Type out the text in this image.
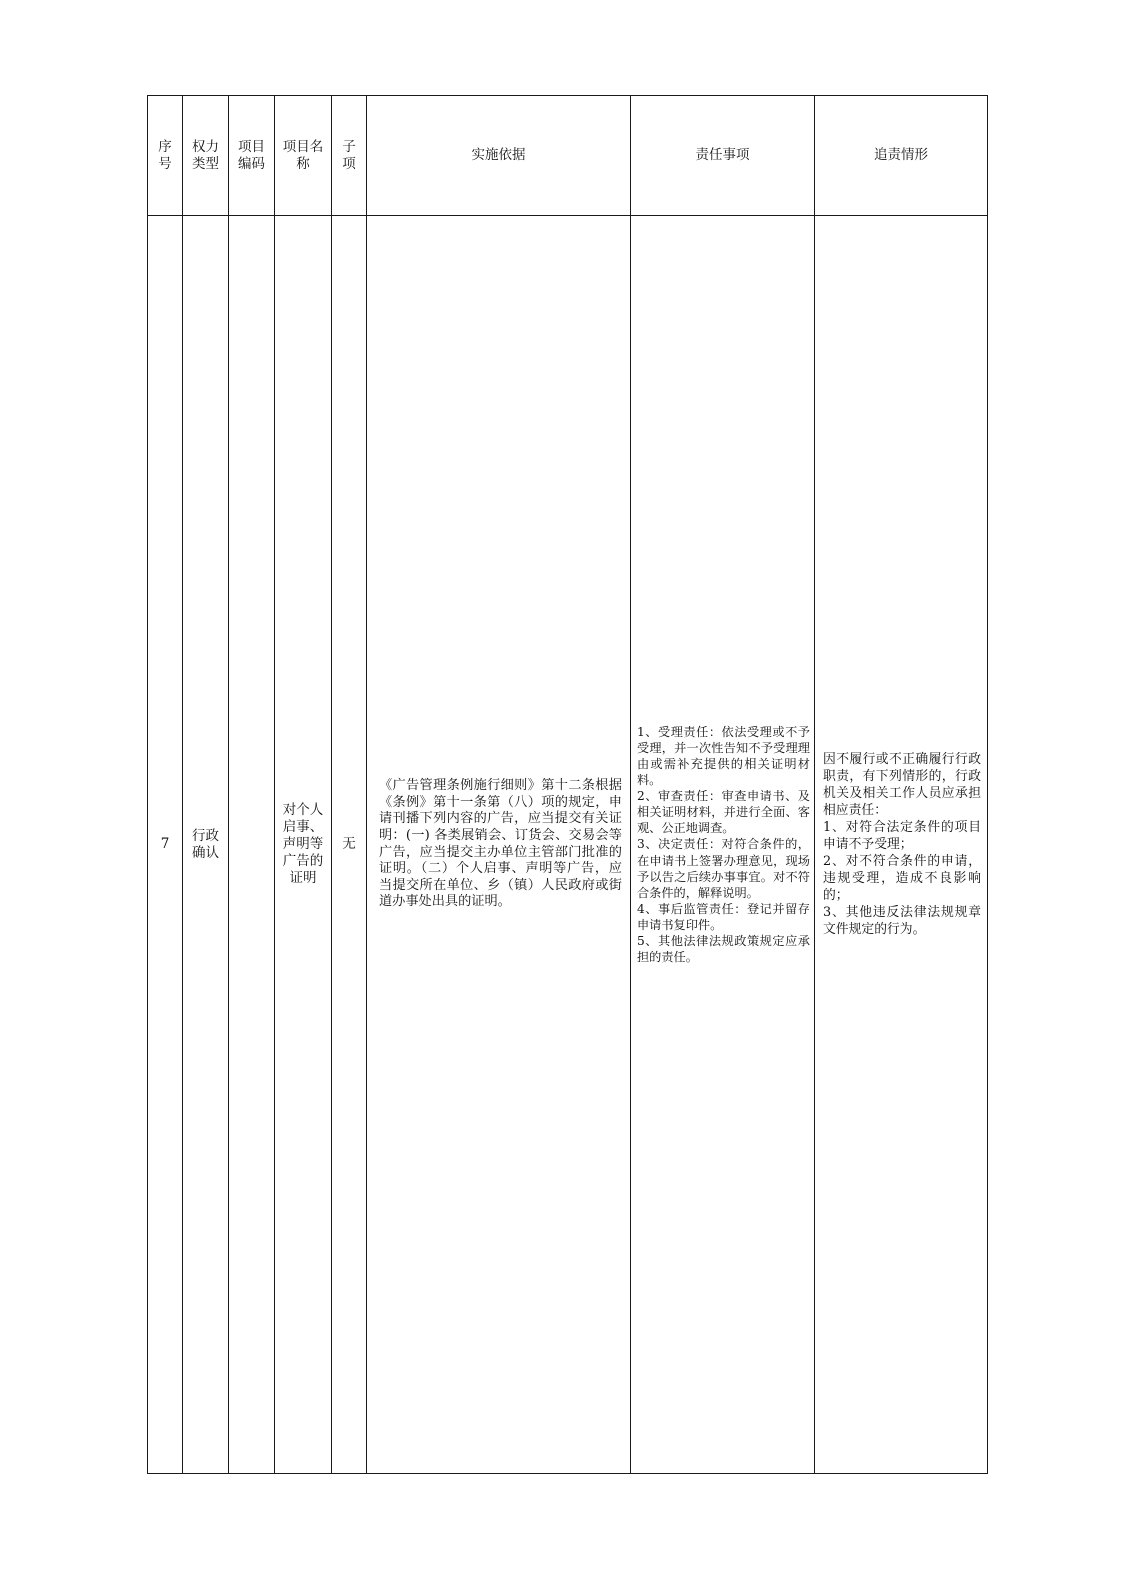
序号	权力类型	项目编码	项目名称	子项	实施依据	责任事项	追责情形
7	行政确认		对个人启事、声明等广告的证明	无	《广告管理条例施行细则》第十二条根据《条例》第十一条第（八）项的规定，申请刊播下列内容的广告，应当提交有关证明：(一) 各类展销会、订货会、交易会等广告，应当提交主办单位主管部门批准的证明。（二）个人启事、声明等广告，应当提交所在单位、乡（镇）人民政府或街道办事处出具的证明。	1、受理责任：依法受理或不予受理，并一次性告知不予受理理由或需补充提供的相关证明材料。
2、审查责任：审查申请书、及相关证明材料，并进行全面、客观、公正地调查。
3、决定责任：对符合条件的，在申请书上签署办理意见，现场予以告之后续办事事宜。对不符合条件的，解释说明。
4、事后监管责任：登记并留存申请书复印件。
5、其他法律法规政策规定应承担的责任。	因不履行或不正确履行行政职责，有下列情形的，行政机关及相关工作人员应承担相应责任：
1、对符合法定条件的项目申请不予受理；
2、对不符合条件的申请，违规受理，造成不良影响的；
3、其他违反法律法规规章文件规定的行为。
